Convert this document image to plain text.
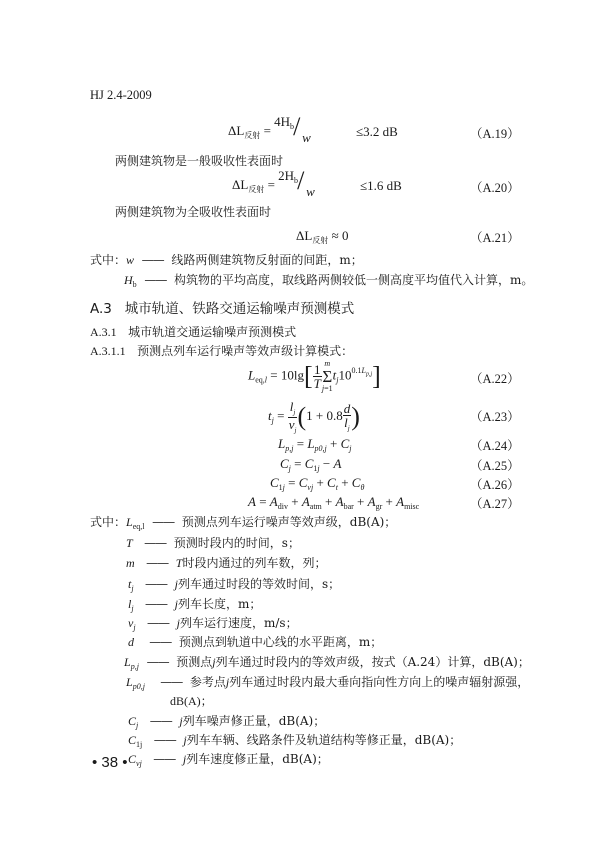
HJ 2.4-2009
$\Delta L_{反射}$ =
$4H_b$ / w	≤3.2 dB	（A.19）
两侧建筑物是一般吸收性表面时
$\Delta L_{反射}$ =
$2H_b$ / w	≤1.6 dB	（A.20）
两侧建筑物为全吸收性表面时
$\Delta L_{反射} \approx 0$	（A.21）
式中：w —— 线路两侧建筑物反射面的间距，m；
$H_b$ —— 构筑物的平均高度，取线路两侧较低一侧高度平均值代入计算，m。
A.3 城市轨道、铁路交通运输噪声预测模式
A.3.1 城市轨道交通运输噪声预测模式
A.3.1.1 预测点列车运行噪声等效声级计算模式：
$L_{eq,l} = 10\lg[ \frac{1}{T}$ m
Σ
$j=1t_j10^{0.1L_{p,j}}$]	（A.22）
$t_j = \frac{l_j}{v_j} (1 + 0.8 \frac{d}{l_j}$ )	（A.23）
$L_{p,j} = L_{p0,j} + C_j$	（A.24）
$C_j = C_{1j} - A$	（A.25）
$C_{1j} = C_{vj} + C_t + C_\theta$	（A.26）
$A = A_{div} + A_{atm} + A_{bar} + A_{gr} + A_{misc}$	（A.27）
式中：$L_{eq,l}$ —— 预测点列车运行噪声等效声级，dB(A)；
T —— 预测时段内的时间，s；
m —— T时段内通过的列车数，列；
$t_j$ —— j列车通过时段的等效时间，s；
$l_j$ —— j列车长度，m；
$v_j$ —— j列车运行速度，m/s；
d —— 预测点到轨道中心线的水平距离，m；
$L_{p,j}$ —— 预测点j列车通过时段内的等效声级，按式（A.24）计算，dB(A)；
$L_{p0,j}$ —— 参考点j列车通过时段内最大垂向指向性方向上的噪声辐射源强，
dB(A)；
$C_j$ —— j列车噪声修正量，dB(A)；
$C_{1j}$ —— j列车车辆、线路条件及轨道结构等修正量，dB(A)；
$C_{vj}$ —— j列车速度修正量，dB(A)；
• 38 •
